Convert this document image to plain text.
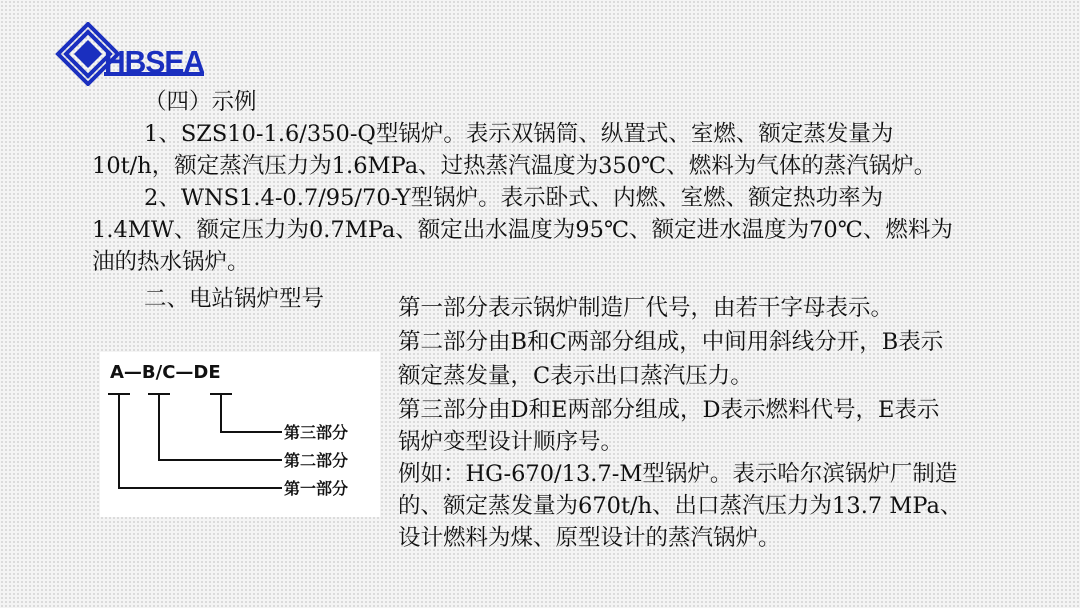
HBSEA
（四）示例
1、SZS10-1.6/350-Q型锅炉。表示双锅筒、纵置式、室燃、额定蒸发量为
10t/h，额定蒸汽压力为1.6MPa、过热蒸汽温度为350℃、燃料为气体的蒸汽锅炉。
2、WNS1.4-0.7/95/70-Y型锅炉。表示卧式、内燃、室燃、额定热功率为
1.4MW、额定压力为0.7MPa、额定出水温度为95℃、额定进水温度为70℃、燃料为
油的热水锅炉。
二、电站锅炉型号	第一部分表示锅炉制造厂代号，由若干字母表示。
第二部分由B和C两部分组成，中间用斜线分开，B表示
额定蒸发量，C表示出口蒸汽压力。
第三部分由D和E两部分组成，D表示燃料代号，E表示
锅炉变型设计顺序号。
例如：HG-670/13.7-M型锅炉。表示哈尔滨锅炉厂制造
的、额定蒸发量为670t/h、出口蒸汽压力为13.7 MPa、
设计燃料为煤、原型设计的蒸汽锅炉。
A—B/C—DE
第三部分
第二部分
第一部分
